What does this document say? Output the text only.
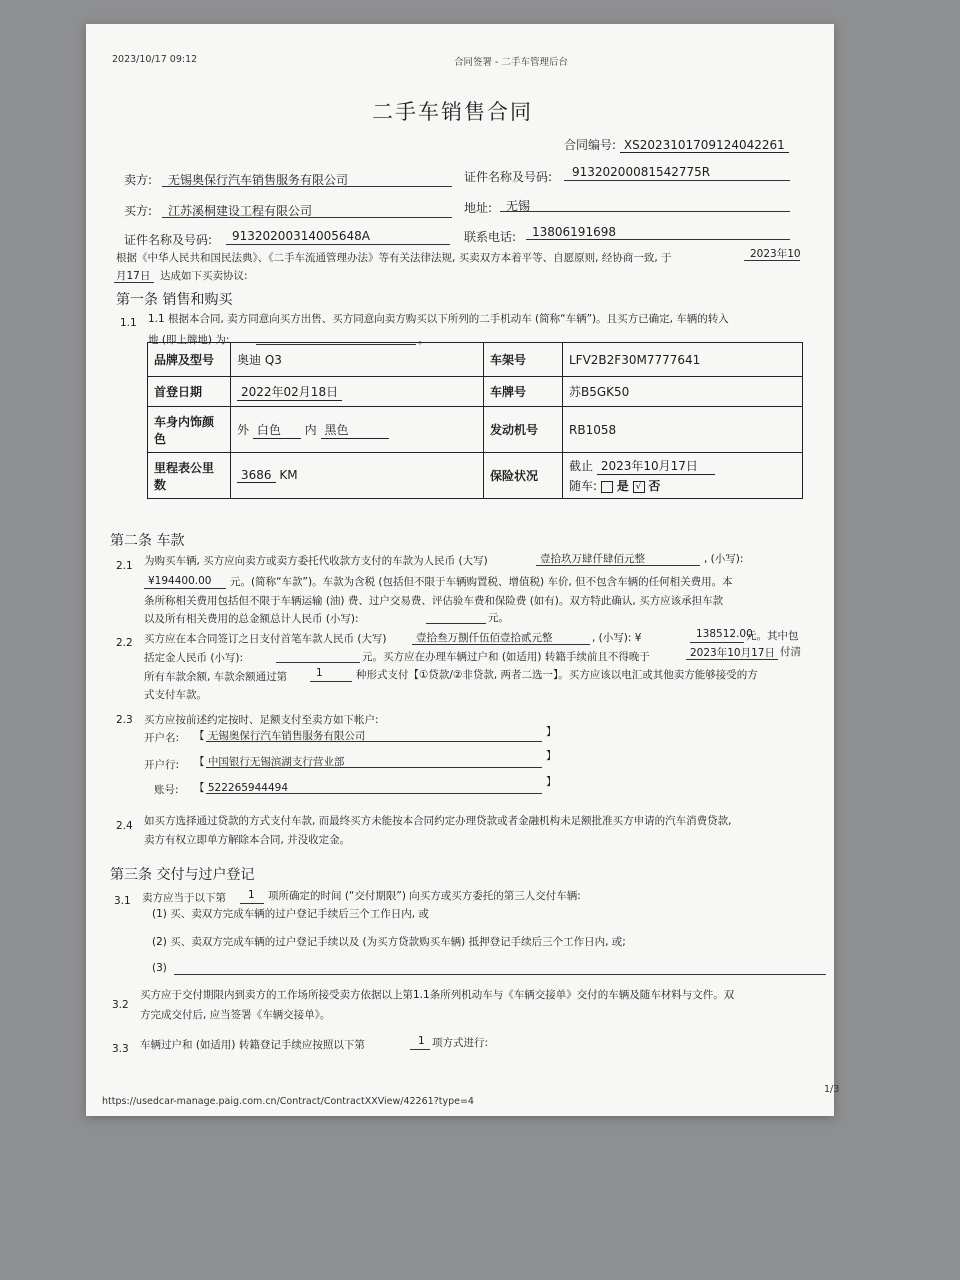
2023/10/17 09:12	合同签署 - 二手车管理后台
二手车销售合同
合同编号: XS20231017091240422​61
卖方: 无锡奥保行汽车销售服务有限公司	证件名称及号码: 91320200081542775R
买方: 江苏溪桐建设工程有限公司	地址: 无锡
证件名称及号码: 91320200314005648A	联系电话: 13806191698
根据《中华人民共和国民法典》、《二手车流通管理办法》等有关法律法规, 买卖双方本着平等、自愿原则, 经协商一致, 于	2023年10
月17日 达成如下买卖协议:
第一条 销售和购买
1.1 1.1 根据本合同, 卖方同意向买方出售、买方同意向卖方购买以下所列的二手机动车 (简称“车辆”)。且买方已确定, 车辆的转入
地 (即上牌地) 为:	。
品牌及型号	奥迪 Q3	车架号	LFV2B2F30M7777641
首登日期	2022年02月18日	车牌号	苏B5GK50
车身内饰颜色	外 白色 内 黑色	发动机号	RB1058
里程表公里数	3686 KM	保险状况	截止 2023年10月17日
随车: 是 √ 否
第二条 车款
2.1 为购买车辆, 买方应向卖方或卖方委托代收款方支付的车款为人民币 (大写)	壹拾玖万肆仟肆佰元整	, (小写):
¥194400.00 元。(简称“车款”)。车款为含税 (包括但不限于车辆购置税、增值税) 车价, 但不包含车辆的任何相关费用。本
条所称相关费用包括但不限于车辆运输 (油) 费、过户交易费、评估验车费和保险费 (如有)。双方特此确认, 买方应该承担车款
以及所有相关费用的总金额总计人民币 (小写):	元。
2.2 买方应在本合同签订之日支付首笔车款人民币 (大写)	壹拾叁万捌仟伍佰壹拾贰元整	, (小写): ¥	138512.00
元。其中包
括定金人民币 (小写):	元。买方应在办理车辆过户和 (如适用) 转籍手续前且不得晚于	2023年10月17日 付清
所有车款余额, 车款余额通过第	1	种形式支付【①贷款/②非贷款, 两者二选一】。买方应该以电汇或其他卖方能够接受的方
式支付车款。
2.3 买方应按前述约定按时、足额支付至卖方如下帐户:
开户名: 【 无锡奥保行汽车销售服务有限公司	】
开户行: 【 中国银行无锡滨湖支行营业部	】
账号: 【 522265944494	】
2.4 如买方选择通过贷款的方式支付车款, 而最终买方未能按本合同约定办理贷款或者金融机构未足额批准买方申请的汽车消费贷款,
卖方有权立即单方解除本合同, 并没收定金。
第三条 交付与过户登记
3.1 卖方应当于以下第 1 项所确定的时间 (“交付期限”) 向买方或买方委托的第三人交付车辆:
(1) 买、卖双方完成车辆的过户登记手续后三个工作日内, 或
(2) 买、卖双方完成车辆的过户登记手续以及 (为买方贷款购买车辆) 抵押登记手续后三个工作日内, 或;
(3)
3.2
买方应于交付期限内到卖方的工作场所接受卖方依据以上第1.1条所列机动车与《车辆交接单》交付的车辆及随车材料与文件。双
方完成交付后, 应当签署《车辆交接单》。
3.3 车辆过户和 (如适用) 转籍登记手续应按照以下第	1 项方式进行:
https://usedcar-manage.paig.com.cn/Contract/ContractXXView/42261?type=4
1/3
